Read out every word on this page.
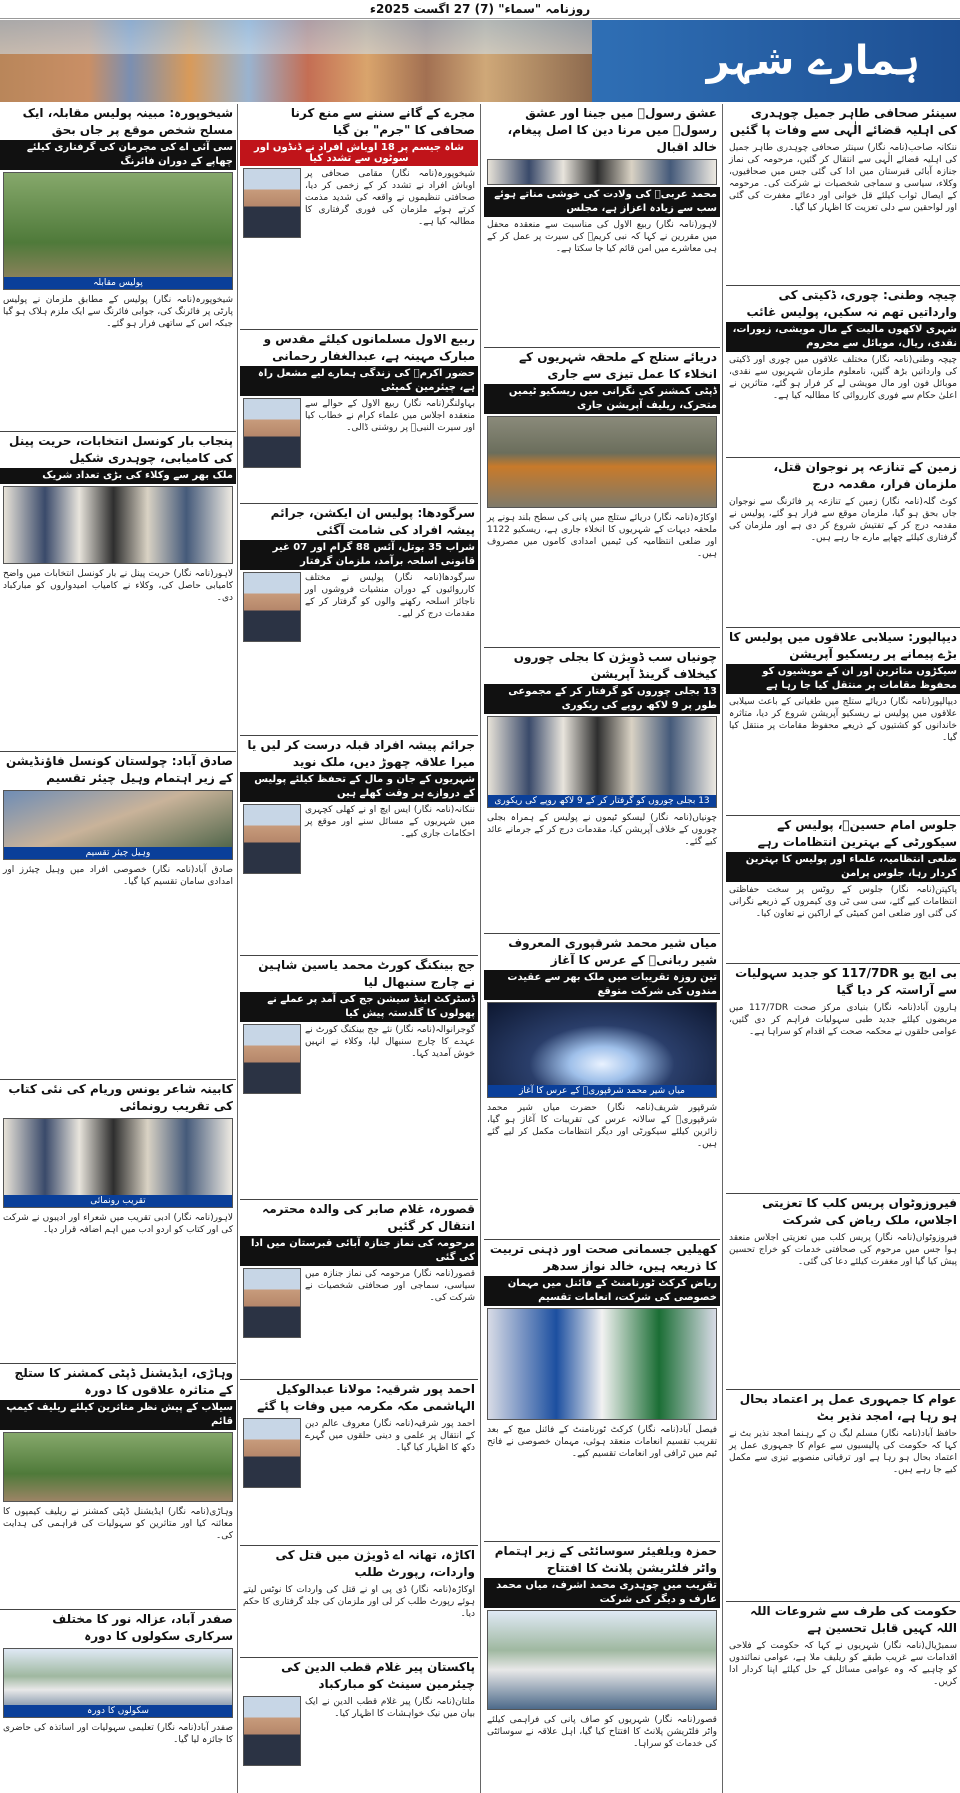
روزنامہ "سماء" (7) 27 اگست 2025ء
ہمارے شہر
سینئر صحافی طاہر جمیل چوہدری کی اہلیہ قضائے الٰہی سے وفات پا گئیں
ننکانہ صاحب(نامہ نگار) سینئر صحافی چوہدری طاہر جمیل کی اہلیہ قضائے الٰہی سے انتقال کر گئیں، مرحومہ کی نماز جنازہ آبائی قبرستان میں ادا کی گئی جس میں صحافیوں، وکلاء، سیاسی و سماجی شخصیات نے شرکت کی۔ مرحومہ کے ایصال ثواب کیلئے قل خوانی اور دعائے مغفرت کی گئی اور لواحقین سے دلی تعزیت کا اظہار کیا گیا۔
چیچہ وطنی: چوری، ڈکیتی کی وارداتیں تھم نہ سکیں، پولیس غائب
شہری لاکھوں مالیت کے مال مویشی، زیورات، نقدی، ریال، موبائل سے محروم
چیچہ وطنی(نامہ نگار) مختلف علاقوں میں چوری اور ڈکیتی کی وارداتیں بڑھ گئیں، نامعلوم ملزمان شہریوں سے نقدی، موبائل فون اور مال مویشی لے کر فرار ہو گئے، متاثرین نے اعلیٰ حکام سے فوری کارروائی کا مطالبہ کیا ہے۔
زمین کے تنازعہ پر نوجوان قتل، ملزمان فرار، مقدمہ درج
کوٹ گلہ(نامہ نگار) زمین کے تنازعہ پر فائرنگ سے نوجوان جاں بحق ہو گیا، ملزمان موقع سے فرار ہو گئے، پولیس نے مقدمہ درج کر کے تفتیش شروع کر دی ہے اور ملزمان کی گرفتاری کیلئے چھاپے مارے جا رہے ہیں۔
دیپالپور: سیلابی علاقوں میں پولیس کا بڑے پیمانے پر ریسکیو آپریشن
سیکڑوں متاثرین اور ان کے مویشیوں کو محفوظ مقامات پر منتقل کیا جا رہا ہے
دیپالپور(نامہ نگار) دریائے ستلج میں طغیانی کے باعث سیلابی علاقوں میں پولیس نے ریسکیو آپریشن شروع کر دیا، متاثرہ خاندانوں کو کشتیوں کے ذریعے محفوظ مقامات پر منتقل کیا گیا۔
جلوس امام حسینؑ، پولیس کے سیکورٹی کے بہترین انتظامات رہے
ضلعی انتظامیہ، علماء اور پولیس کا بہترین کردار رہا، جلوس پرامن
پاکپتن(نامہ نگار) جلوس کے روٹس پر سخت حفاظتی انتظامات کیے گئے، سی سی ٹی وی کیمروں کے ذریعے نگرانی کی گئی اور ضلعی امن کمیٹی کے اراکین نے تعاون کیا۔
بی ایچ یو 117/7DR کو جدید سہولیات سے آراستہ کر دیا گیا
ہارون آباد(نامہ نگار) بنیادی مرکز صحت 117/7DR میں مریضوں کیلئے جدید طبی سہولیات فراہم کر دی گئیں، عوامی حلقوں نے محکمہ صحت کے اقدام کو سراہا ہے۔
فیروزوٹواں پریس کلب کا تعزیتی اجلاس، ملک ریاض کی شرکت
فیروزوٹواں(نامہ نگار) پریس کلب میں تعزیتی اجلاس منعقد ہوا جس میں مرحوم کی صحافتی خدمات کو خراج تحسین پیش کیا گیا اور مغفرت کیلئے دعا کی گئی۔
عوام کا جمہوری عمل پر اعتماد بحال ہو رہا ہے، امجد نذیر بٹ
حافظ آباد(نامہ نگار) مسلم لیگ ن کے رہنما امجد نذیر بٹ نے کہا کہ حکومت کی پالیسیوں سے عوام کا جمہوری عمل پر اعتماد بحال ہو رہا ہے اور ترقیاتی منصوبے تیزی سے مکمل کیے جا رہے ہیں۔
حکومت کی طرف سے شروعات اللہ اللہ کہیں قابل تحسین ہے
سمبڑیال(نامہ نگار) شہریوں نے کہا کہ حکومت کے فلاحی اقدامات سے غریب طبقے کو ریلیف ملا ہے، عوامی نمائندوں کو چاہیے کہ وہ عوامی مسائل کے حل کیلئے اپنا کردار ادا کریں۔
عشق رسولؐ میں جینا اور عشق رسولؐ میں مرنا دین کا اصل پیغام، خالد اقبال
محمد عربیؐ کی ولادت کی خوشی مناتے ہوئے سب سے زیادہ اعزاز ہے، مجلس
لاہور(نامہ نگار) ربیع الاول کی مناسبت سے منعقدہ محفل میں مقررین نے کہا کہ نبی کریمؐ کی سیرت پر عمل کر کے ہی معاشرے میں امن قائم کیا جا سکتا ہے۔
دریائے ستلج کے ملحقہ شہریوں کے انخلاء کا عمل تیزی سے جاری
ڈپٹی کمشنر کی نگرانی میں ریسکیو ٹیمیں متحرک، ریلیف آپریشن جاری
اوکاڑہ(نامہ نگار) دریائے ستلج میں پانی کی سطح بلند ہونے پر ملحقہ دیہات کے شہریوں کا انخلاء جاری ہے، ریسکیو 1122 اور ضلعی انتظامیہ کی ٹیمیں امدادی کاموں میں مصروف ہیں۔
چونیاں سب ڈویژن کا بجلی چوروں کیخلاف گرینڈ آپریشن
13 بجلی چوروں کو گرفتار کر کے مجموعی طور پر 9 لاکھ روپے کی ریکوری
13 بجلی چوروں کو گرفتار کر کے 9 لاکھ روپے کی ریکوری
چونیاں(نامہ نگار) لیسکو ٹیموں نے پولیس کے ہمراہ بجلی چوروں کے خلاف آپریشن کیا، مقدمات درج کر کے جرمانے عائد کیے گئے۔
میاں شیر محمد شرقپوری المعروف شیر ربانیؒ کے عرس کا آغاز
تین روزہ تقریبات میں ملک بھر سے عقیدت مندوں کی شرکت متوقع
میاں شیر محمد شرقپوریؒ کے عرس کا آغاز
شرقپور شریف(نامہ نگار) حضرت میاں شیر محمد شرقپوریؒ کے سالانہ عرس کی تقریبات کا آغاز ہو گیا، زائرین کیلئے سیکورٹی اور دیگر انتظامات مکمل کر لیے گئے ہیں۔
کھیلیں جسمانی صحت اور ذہنی تربیت کا ذریعہ ہیں، خالد نواز سدھر
ریاض کرکٹ ٹورنامنٹ کے فائنل میں مہمان خصوصی کی شرکت، انعامات تقسیم
فیصل آباد(نامہ نگار) کرکٹ ٹورنامنٹ کے فائنل میچ کے بعد تقریب تقسیم انعامات منعقد ہوئی، مہمان خصوصی نے فاتح ٹیم میں ٹرافی اور انعامات تقسیم کیے۔
حمزہ ویلفیئر سوسائٹی کے زیر اہتمام واٹر فلٹریشن پلانٹ کا افتتاح
تقریب میں چوہدری محمد اشرف، میاں محمد عارف و دیگر کی شرکت
قصور(نامہ نگار) شہریوں کو صاف پانی کی فراہمی کیلئے واٹر فلٹریشن پلانٹ کا افتتاح کیا گیا، اہل علاقہ نے سوسائٹی کی خدمات کو سراہا۔
مجرے کے گانے سننے سے منع کرنا صحافی کا "جرم" بن گیا
شاہ جیسم پر 18 اوباش افراد نے ڈنڈوں اور سوٹوں سے تشدد کیا
شیخوپورہ(نامہ نگار) مقامی صحافی پر اوباش افراد نے تشدد کر کے زخمی کر دیا، صحافتی تنظیموں نے واقعہ کی شدید مذمت کرتے ہوئے ملزمان کی فوری گرفتاری کا مطالبہ کیا ہے۔
ربیع الاول مسلمانوں کیلئے مقدس و مبارک مہینہ ہے، عبدالغفار رحمانی
حضور اکرمؐ کی زندگی ہمارے لیے مشعل راہ ہے، چیئرمین کمیٹی
بہاولنگر(نامہ نگار) ربیع الاول کے حوالے سے منعقدہ اجلاس میں علماء کرام نے خطاب کیا اور سیرت النبیؐ پر روشنی ڈالی۔
سرگودھا: پولیس ان ایکشن، جرائم پیشہ افراد کی شامت آگئی
شراب 35 بوتل، آئس 88 گرام اور 07 غیر قانونی اسلحہ برآمد، ملزمان گرفتار
سرگودھا(نامہ نگار) پولیس نے مختلف کارروائیوں کے دوران منشیات فروشوں اور ناجائز اسلحہ رکھنے والوں کو گرفتار کر کے مقدمات درج کر لیے۔
جرائم پیشہ افراد قبلہ درست کر لیں یا میرا علاقہ چھوڑ دیں، ملک نوید
شہریوں کے جان و مال کے تحفظ کیلئے پولیس کے دروازے ہر وقت کھلے ہیں
ننکانہ(نامہ نگار) ایس ایچ او نے کھلی کچہری میں شہریوں کے مسائل سنے اور موقع پر احکامات جاری کیے۔
جج بینکنگ کورٹ محمد یاسین شاہین نے چارج سنبھال لیا
ڈسٹرکٹ اینڈ سیشن جج کی آمد پر عملے نے پھولوں کا گلدستہ پیش کیا
گوجرانوالہ(نامہ نگار) نئے جج بینکنگ کورٹ نے عہدے کا چارج سنبھال لیا، وکلاء نے انہیں خوش آمدید کہا۔
قصورہ، غلام صابر کی والدہ محترمہ انتقال کر گئیں
مرحومہ کی نماز جنازہ آبائی قبرستان میں ادا کی گئی
قصور(نامہ نگار) مرحومہ کی نماز جنازہ میں سیاسی، سماجی اور صحافتی شخصیات نے شرکت کی۔
احمد پور شرقیہ: مولانا عبدالوکیل الہاشمی مکہ مکرمہ میں وفات پا گئے
احمد پور شرقیہ(نامہ نگار) معروف عالم دین کے انتقال پر علمی و دینی حلقوں میں گہرے دکھ کا اظہار کیا گیا۔
اکاڑہ، تھانہ اے ڈویژن میں قتل کی واردات، رپورٹ طلب
اوکاڑہ(نامہ نگار) ڈی پی او نے قتل کی واردات کا نوٹس لیتے ہوئے رپورٹ طلب کر لی اور ملزمان کی جلد گرفتاری کا حکم دیا۔
پاکستان پیر غلام قطب الدین کی چیئرمین سینٹ کو مبارکباد
ملتان(نامہ نگار) پیر غلام قطب الدین نے ایک بیان میں نیک خواہشات کا اظہار کیا۔
شیخوپورہ: مبینہ پولیس مقابلہ، ایک مسلح شخص موقع پر جاں بحق
سی آئی اے کی مجرمان کی گرفتاری کیلئے چھاپے کے دوران فائرنگ
پولیس مقابلہ
شیخوپورہ(نامہ نگار) پولیس کے مطابق ملزمان نے پولیس پارٹی پر فائرنگ کی، جوابی فائرنگ سے ایک ملزم ہلاک ہو گیا جبکہ اس کے ساتھی فرار ہو گئے۔
پنجاب بار کونسل انتخابات، حریت پینل کی کامیابی، چوہدری شکیل
ملک بھر سے وکلاء کی بڑی تعداد شریک
لاہور(نامہ نگار) حریت پینل نے بار کونسل انتخابات میں واضح کامیابی حاصل کی، وکلاء نے کامیاب امیدواروں کو مبارکباد دی۔
صادق آباد: چولستان کونسل فاؤنڈیشن کے زیر اہتمام وہیل چیئر تقسیم
وہیل چیئر تقسیم
صادق آباد(نامہ نگار) خصوصی افراد میں وہیل چیئرز اور امدادی سامان تقسیم کیا گیا۔
کابینہ شاعر یونس وریام کی نئی کتاب کی تقریب رونمائی
تقریب رونمائی
لاہور(نامہ نگار) ادبی تقریب میں شعراء اور ادیبوں نے شرکت کی اور کتاب کو اردو ادب میں اہم اضافہ قرار دیا۔
وہاڑی، ایڈیشنل ڈپٹی کمشنر کا ستلج کے متاثرہ علاقوں کا دورہ
سیلاب کے پیش نظر متاثرین کیلئے ریلیف کیمپ قائم
وہاڑی(نامہ نگار) ایڈیشنل ڈپٹی کمشنر نے ریلیف کیمپوں کا معائنہ کیا اور متاثرین کو سہولیات کی فراہمی کی ہدایت کی۔
صفدر آباد، عزالہ نور کا مختلف سرکاری سکولوں کا دورہ
سکولوں کا دورہ
صفدر آباد(نامہ نگار) تعلیمی سہولیات اور اساتذہ کی حاضری کا جائزہ لیا گیا۔
